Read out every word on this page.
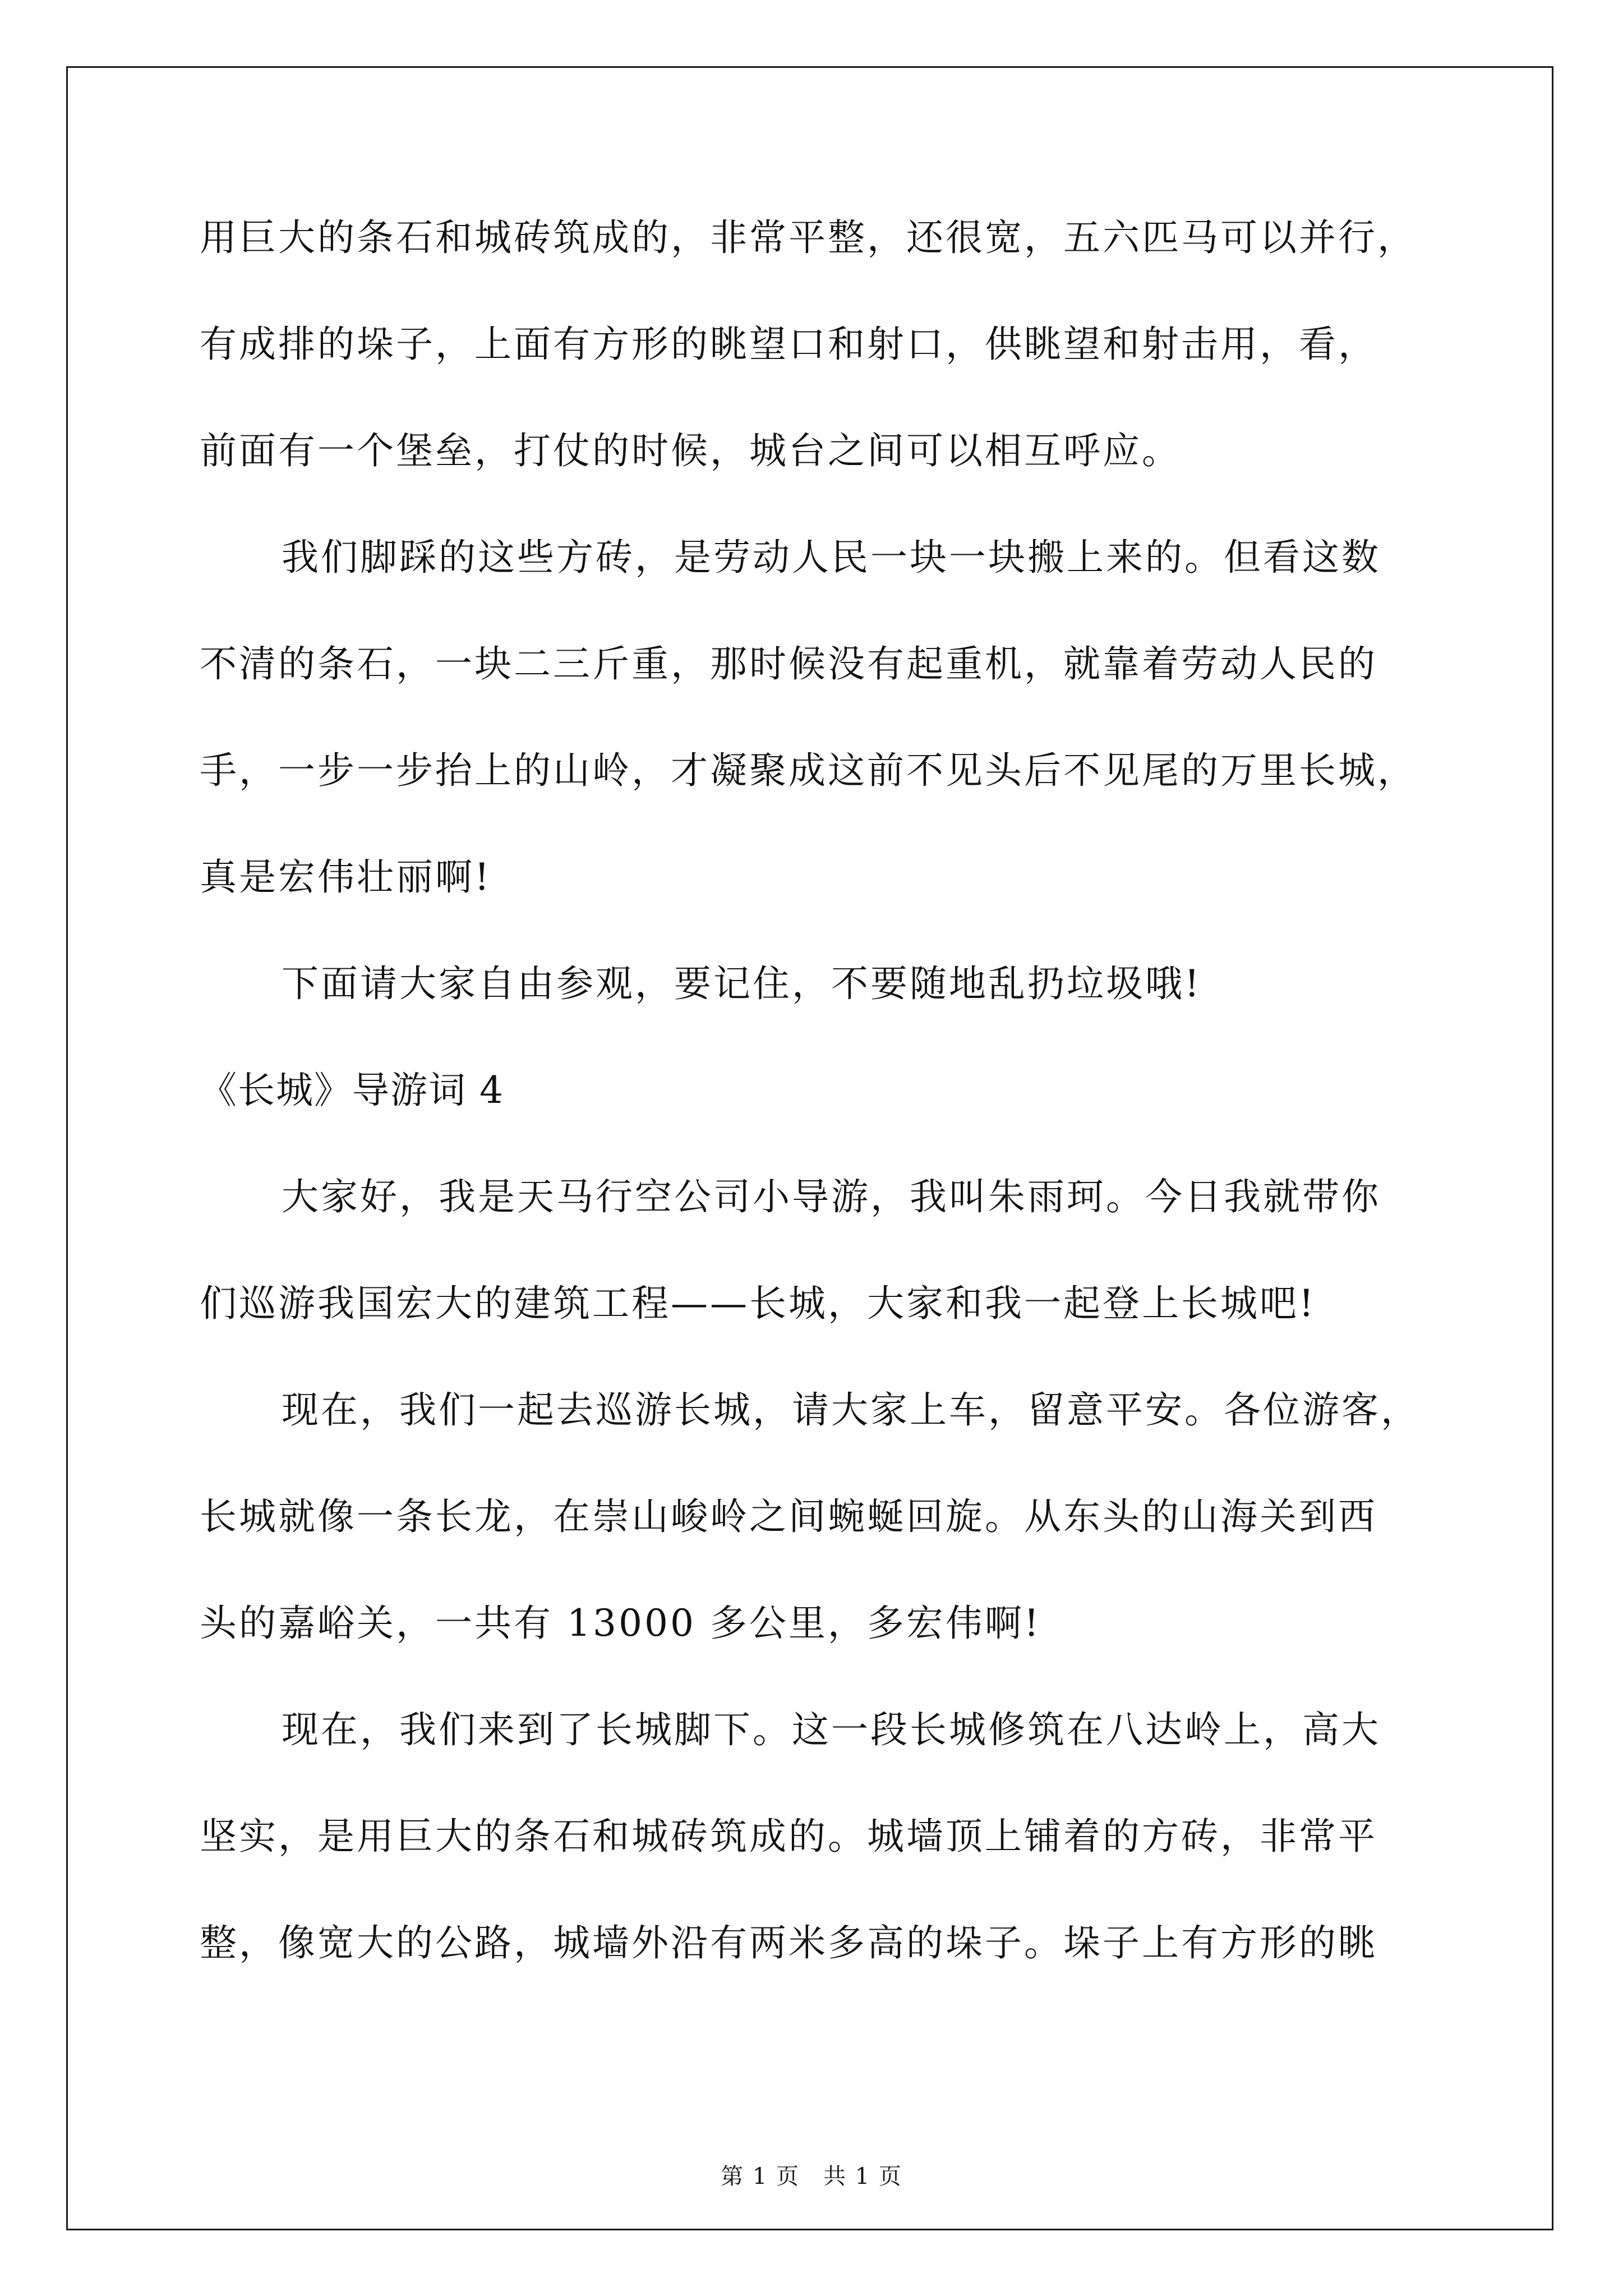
用巨大的条石和城砖筑成的，非常平整，还很宽，五六匹马可以并行，
有成排的垛子，上面有方形的眺望口和射口，供眺望和射击用，看，
前面有一个堡垒，打仗的时候，城台之间可以相互呼应。
我们脚踩的这些方砖，是劳动人民一块一块搬上来的。但看这数
不清的条石，一块二三斤重，那时候没有起重机，就靠着劳动人民的
手，一步一步抬上的山岭，才凝聚成这前不见头后不见尾的万里长城，
真是宏伟壮丽啊!
下面请大家自由参观，要记住，不要随地乱扔垃圾哦!
《长城》导游词 4
大家好，我是天马行空公司小导游，我叫朱雨珂。今日我就带你
们巡游我国宏大的建筑工程——长城，大家和我一起登上长城吧!
现在，我们一起去巡游长城，请大家上车，留意平安。各位游客，
长城就像一条长龙，在崇山峻岭之间蜿蜒回旋。从东头的山海关到西
头的嘉峪关，一共有 13000 多公里，多宏伟啊!
现在，我们来到了长城脚下。这一段长城修筑在八达岭上，高大
坚实，是用巨大的条石和城砖筑成的。城墙顶上铺着的方砖，非常平
整，像宽大的公路，城墙外沿有两米多高的垛子。垛子上有方形的眺
第 1 页　共 1 页
